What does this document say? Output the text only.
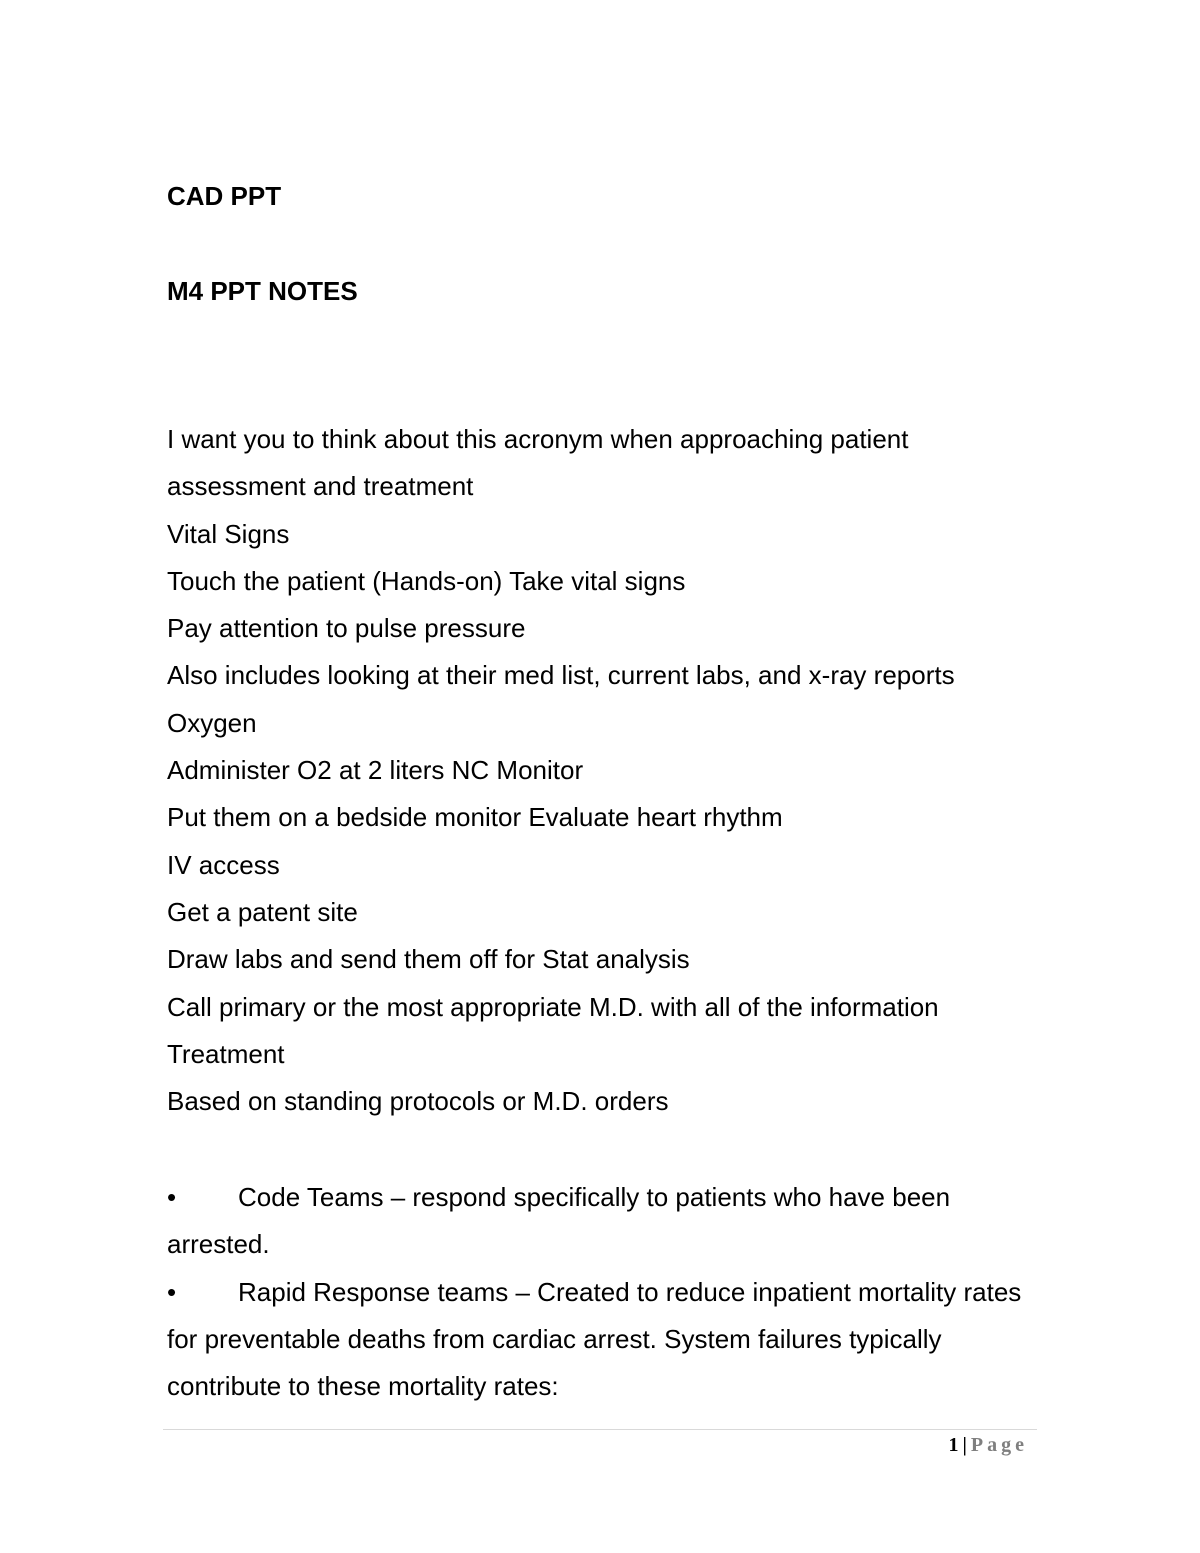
CAD PPT
M4 PPT NOTES
I want you to think about this acronym when approaching patient
assessment and treatment
Vital Signs
Touch the patient (Hands-on) Take vital signs
Pay attention to pulse pressure
Also includes looking at their med list, current labs, and x-ray reports
Oxygen
Administer O2 at 2 liters NC Monitor
Put them on a bedside monitor Evaluate heart rhythm
IV access
Get a patent site
Draw labs and send them off for Stat analysis
Call primary or the most appropriate M.D. with all of the information
Treatment
Based on standing protocols or M.D. orders
• Code Teams – respond specifically to patients who have been arrested.
• Rapid Response teams – Created to reduce inpatient mortality rates for preventable deaths from cardiac arrest. System failures typically contribute to these mortality rates:
1 | Page
